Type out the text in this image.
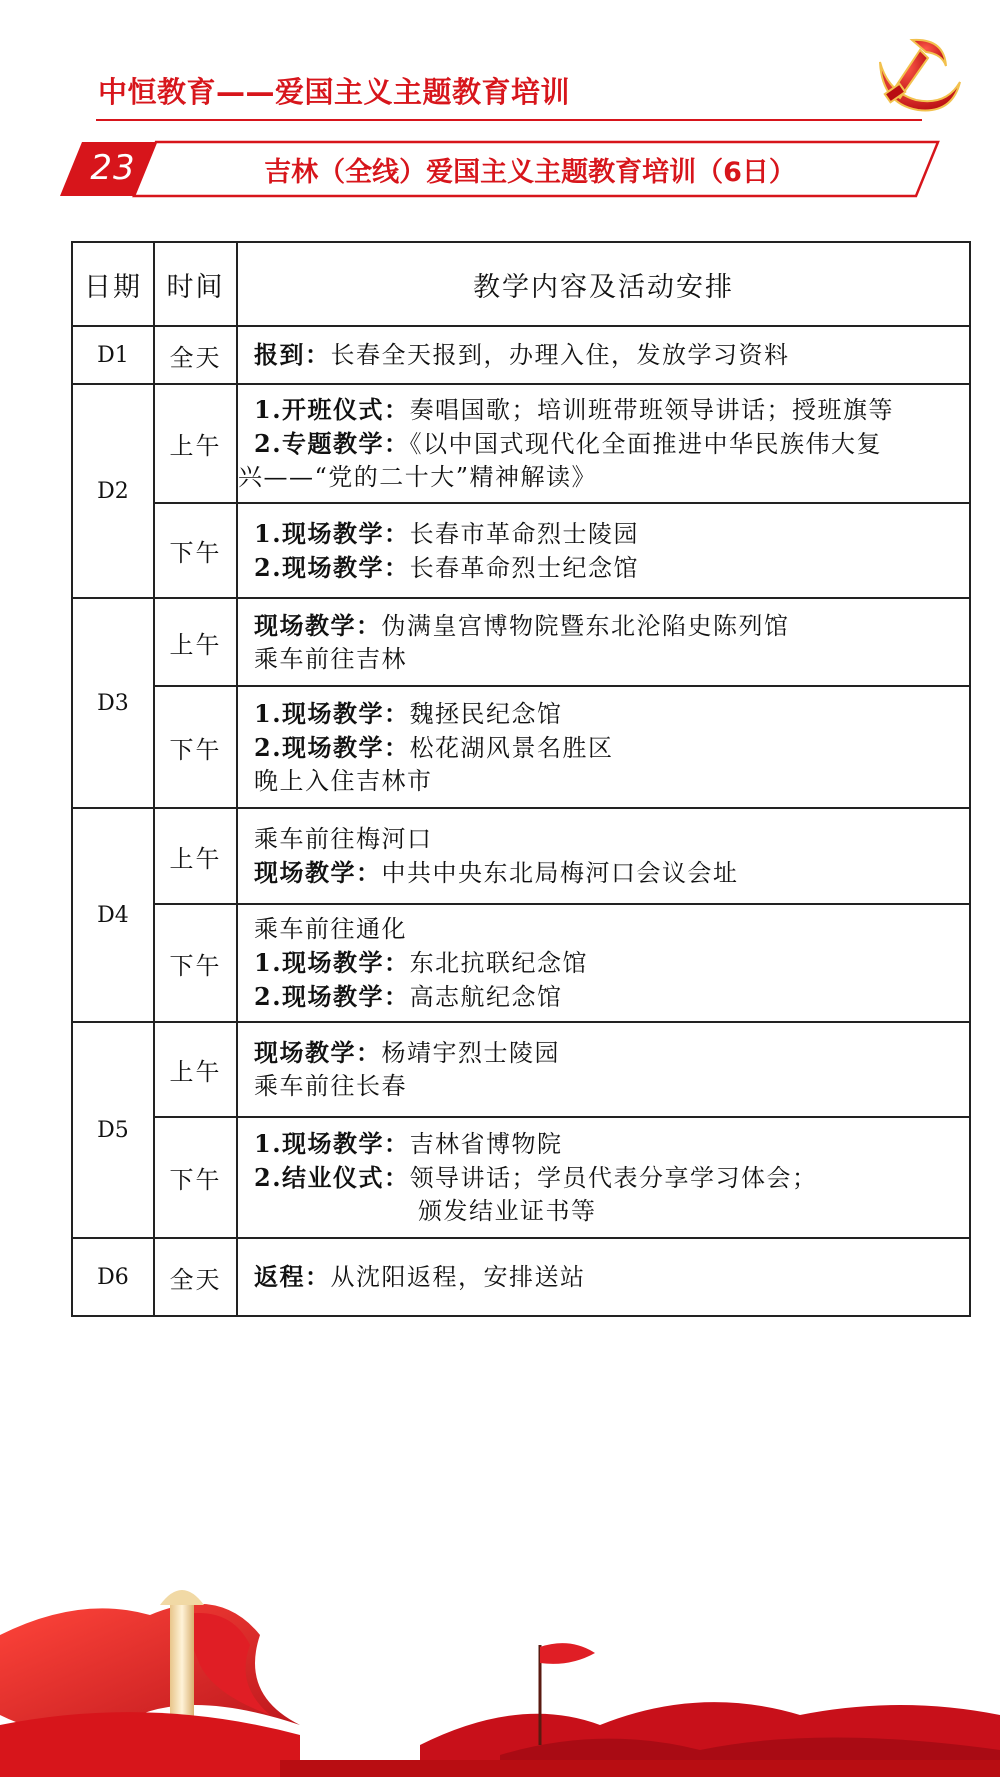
中恒教育——爱国主义主题教育培训
23	吉林（全线）爱国主义主题教育培训（6日）
日期	时间	教学内容及活动安排
D1	全天	报到：长春全天报到，办理入住，发放学习资料

D2	上午	1.开班仪式：奏唱国歌；培训班带班领导讲话；授班旗等
2.专题教学：《以中国式现代化全面推进中华民族伟大复
兴——“党的二十大”精神解读》

	下午	1.现场教学：长春市革命烈士陵园
2.现场教学：长春革命烈士纪念馆

D3	上午	现场教学：伪满皇宫博物院暨东北沦陷史陈列馆
乘车前往吉林

	下午	1.现场教学：魏拯民纪念馆
2.现场教学：松花湖风景名胜区
晚上入住吉林市

D4	上午	乘车前往梅河口
现场教学：中共中央东北局梅河口会议会址

	下午	乘车前往通化
1.现场教学：东北抗联纪念馆
2.现场教学：高志航纪念馆

D5	上午	现场教学：杨靖宇烈士陵园
乘车前往长春

	下午	1.现场教学：吉林省博物院
2.结业仪式：领导讲话；学员代表分享学习体会；
颁发结业证书等

D6	全天	返程：从沈阳返程，安排送站
